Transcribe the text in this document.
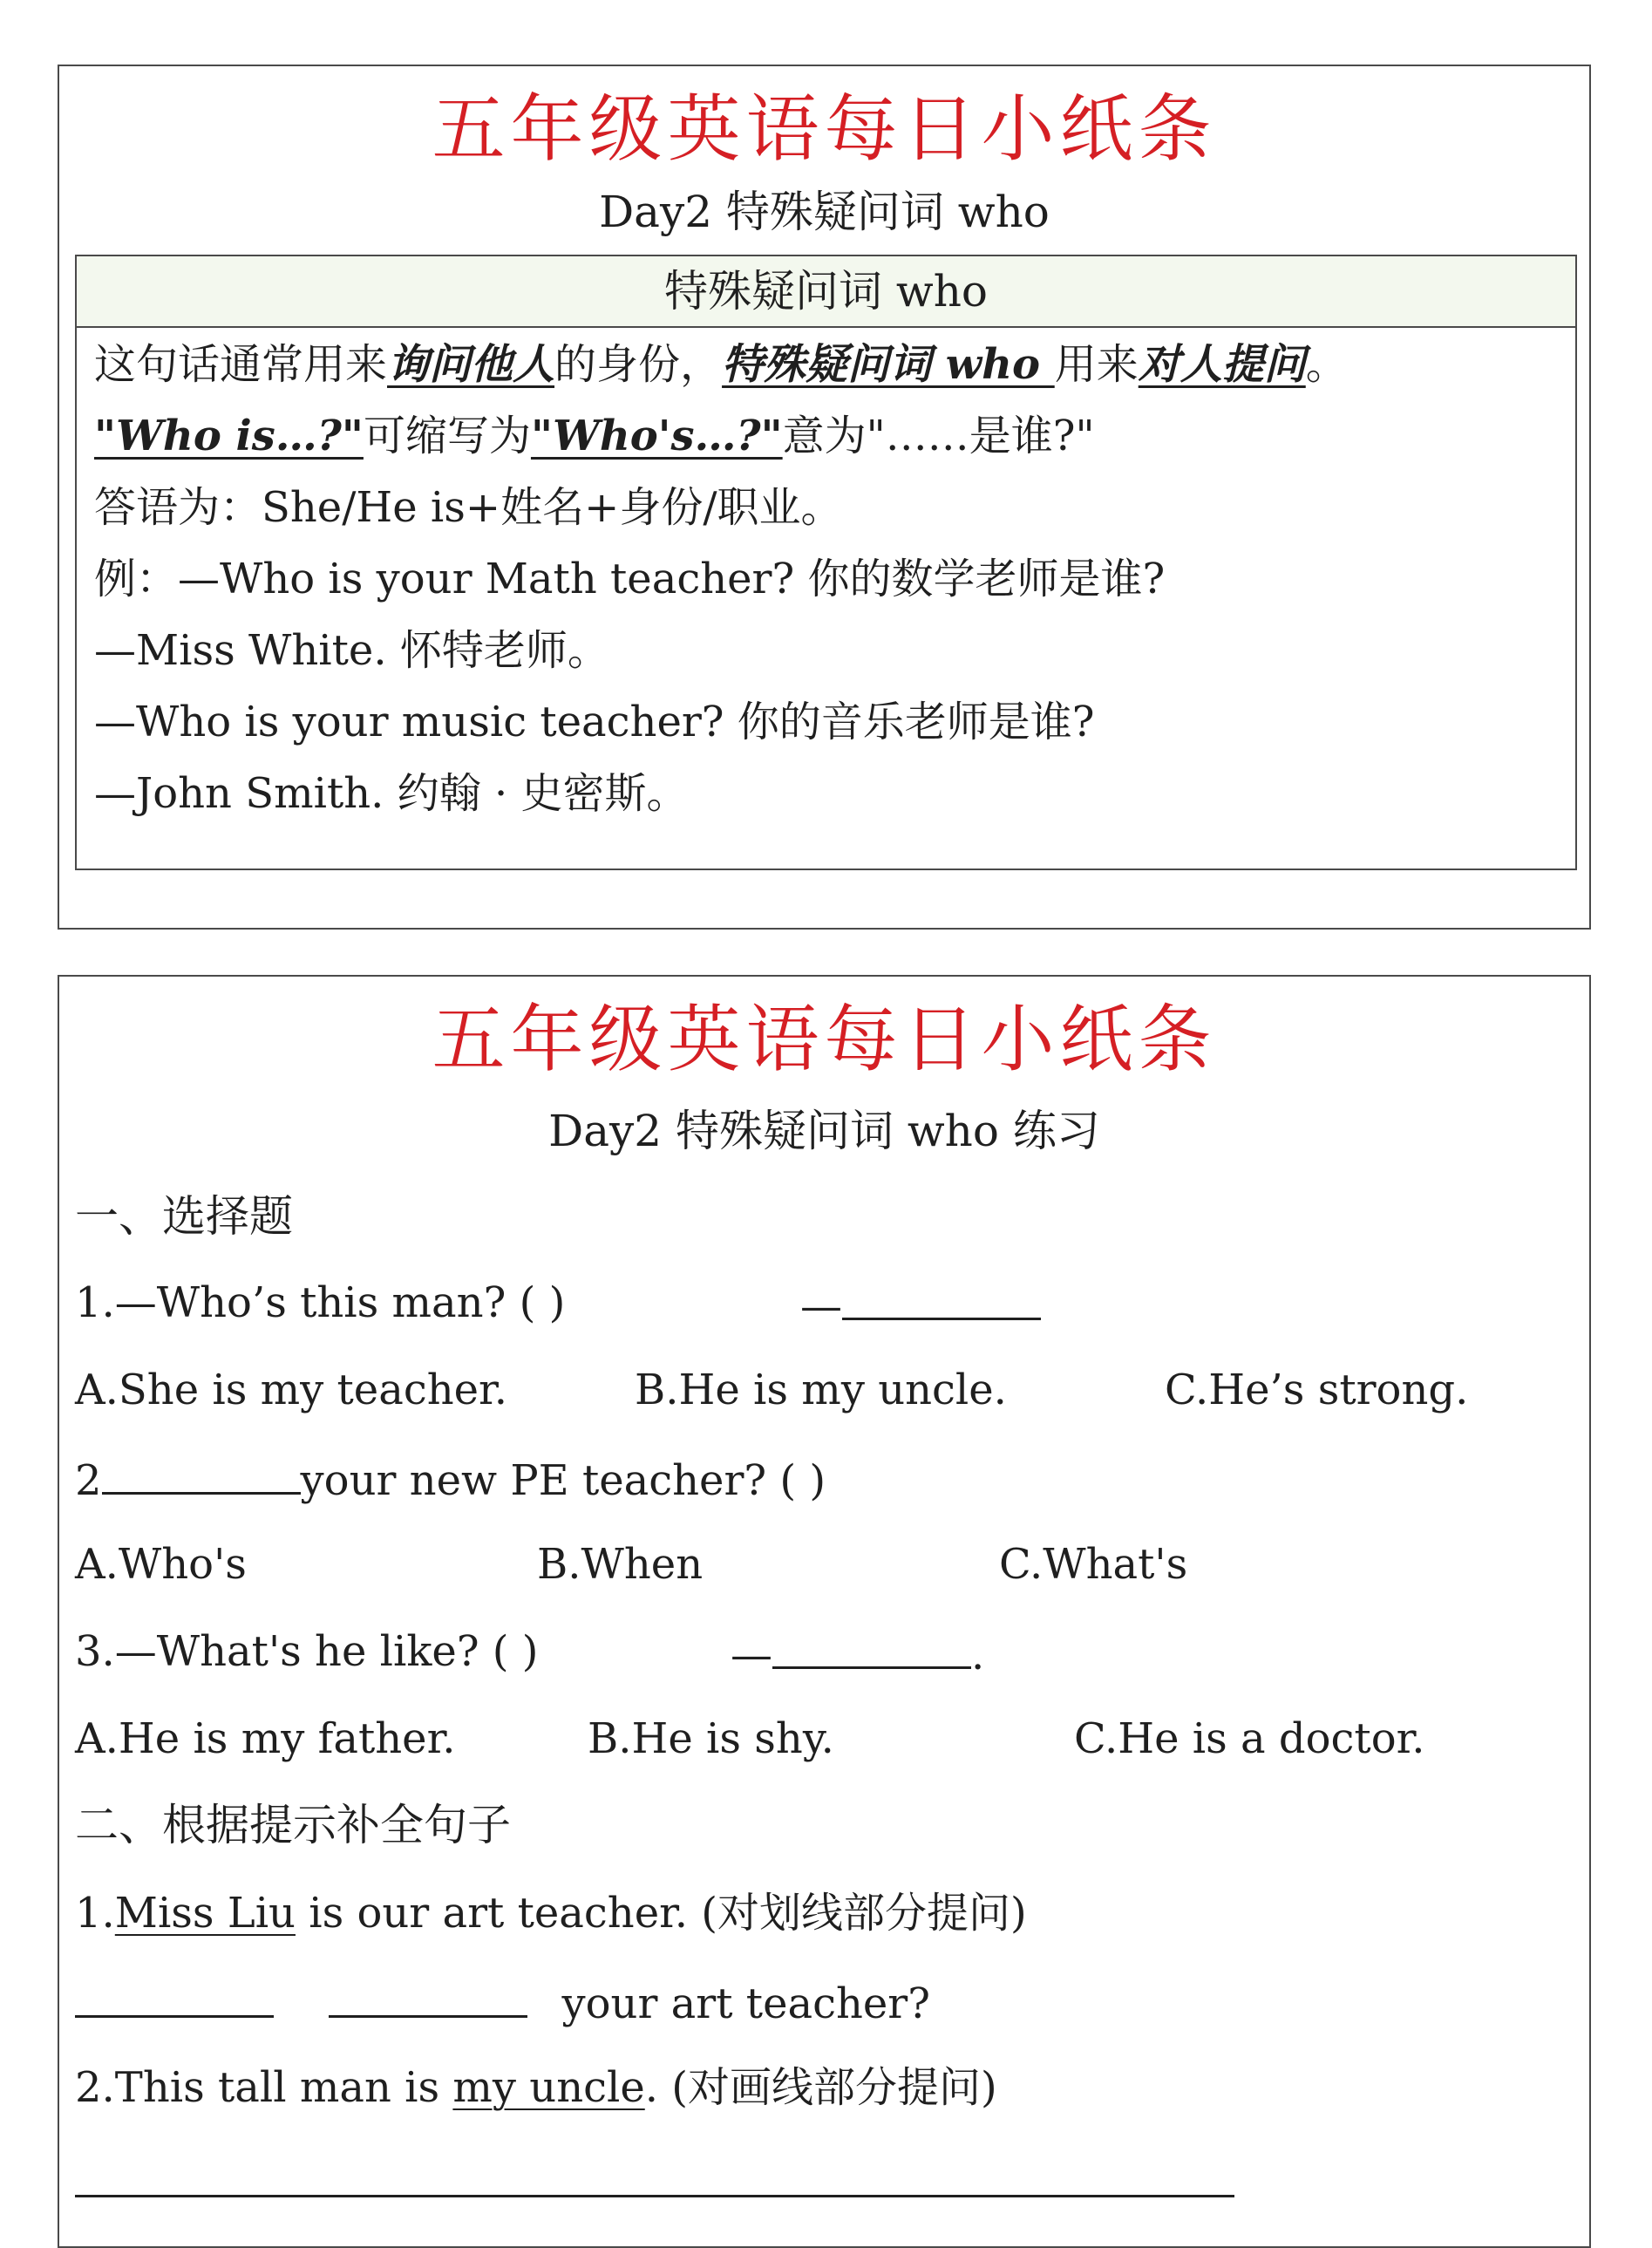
五年级英语每日小纸条
Day2 特殊疑问词 who
特殊疑问词 who
这句话通常用来询问他人的身份，特殊疑问词 who 用来对人提问。
"Who is…?"可缩写为"Who's…?"意为"……是谁?"
答语为：She/He is+姓名+身份/职业。
例：—Who is your Math teacher? 你的数学老师是谁?
—Miss White. 怀特老师。
—Who is your music teacher? 你的音乐老师是谁?
—John Smith. 约翰 · 史密斯。
五年级英语每日小纸条
Day2 特殊疑问词 who 练习
一、选择题
1.—Who’s this man? ( )	—
A.She is my teacher.	B.He is my uncle.	C.He’s strong.
2	your new PE teacher? ( )
A.Who's	B.When	C.What's
3.—What's he like? ( )	—	.
A.He is my father.	B.He is shy.	C.He is a doctor.
二、根据提示补全句子
1.Miss Liu is our art teacher. (对划线部分提问)
your art teacher?
2.This tall man is my uncle. (对画线部分提问)
